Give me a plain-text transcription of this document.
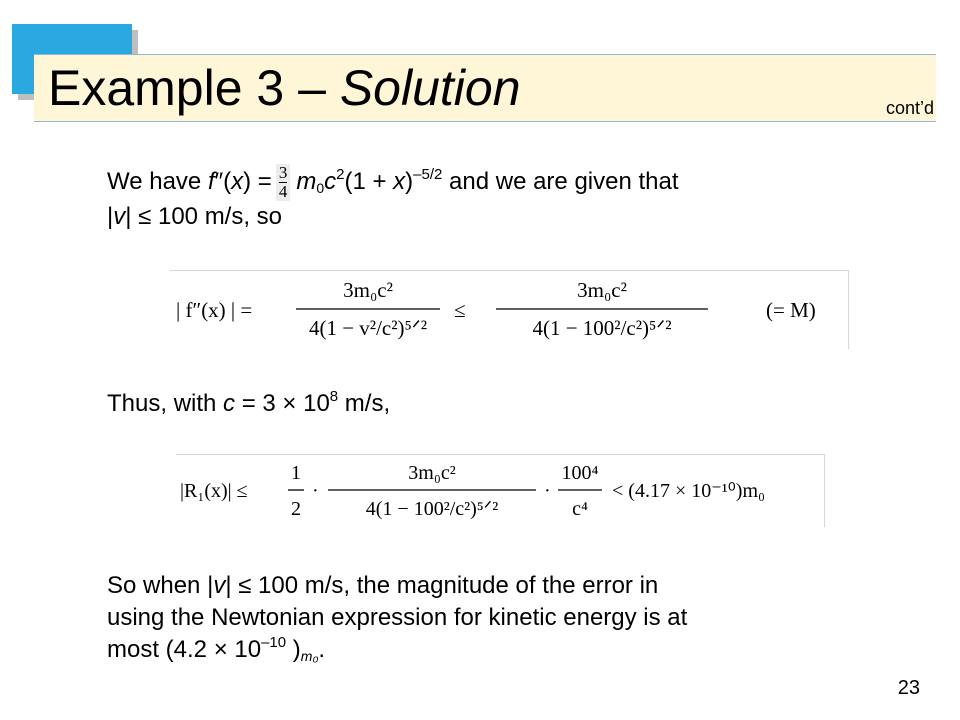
Example 3 – Solution	cont’d
We have $f''(x) = \frac{3}{4} m_0c^2(1 + x)^{-5/2}$ and we are given that
|v| ≤ 100 m/s, so
| f″(x) | =
3m₀c²
4(1 − v²/c²)⁵ᐟ²
≤
3m₀c²
4(1 − 100²/c²)⁵ᐟ²
(= M)
Thus, with $c = 3 \times 10^8$ m/s,
|R₁(x)| ≤
1
2
·
3m₀c²
4(1 − 100²/c²)⁵ᐟ²
·
100⁴
c⁴
< (4.17 × 10⁻¹⁰)m₀
So when |v| ≤ 100 m/s, the magnitude of the error in
using the Newtonian expression for kinetic energy is at
most ($4.2 \times 10^{-10}$ )$_{m_0}$.
23
